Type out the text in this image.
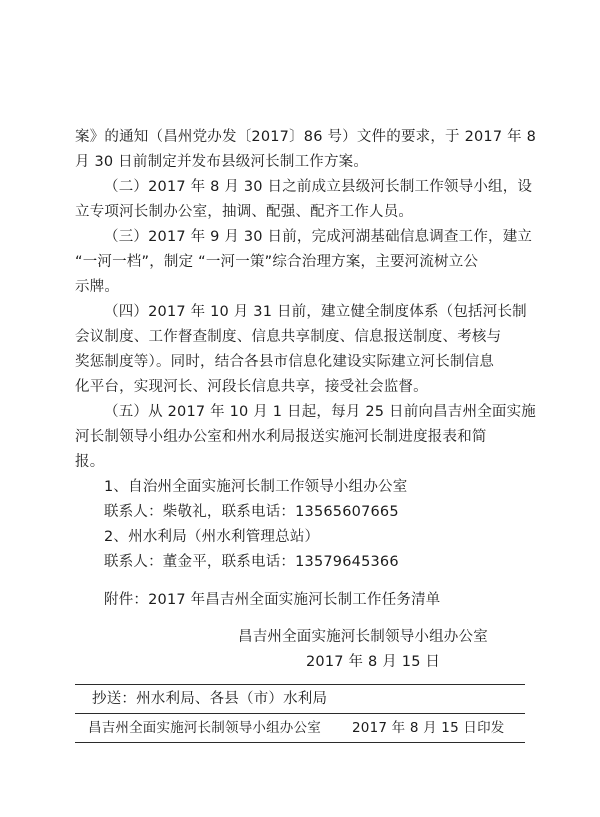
案》的通知（昌州党办发〔2017〕86 号）文件的要求，于 2017 年 8
月 30 日前制定并发布县级河长制工作方案。
（二）2017 年 8 月 30 日之前成立县级河长制工作领导小组，设
立专项河长制办公室，抽调、配强、配齐工作人员。
（三）2017 年 9 月 30 日前，完成河湖基础信息调查工作，建立
“一河一档”，制定 “一河一策”综合治理方案，主要河流树立公
示牌。
（四）2017 年 10 月 31 日前，建立健全制度体系（包括河长制
会议制度、工作督查制度、信息共享制度、信息报送制度、考核与
奖惩制度等）。同时，结合各县市信息化建设实际建立河长制信息
化平台，实现河长、河段长信息共享，接受社会监督。
（五）从 2017 年 10 月 1 日起，每月 25 日前向昌吉州全面实施
河长制领导小组办公室和州水利局报送实施河长制进度报表和简
报。
1、自治州全面实施河长制工作领导小组办公室
联系人：柴敬礼，联系电话：13565607665
2、州水利局（州水利管理总站）
联系人：董金平，联系电话：13579645366
附件：2017 年昌吉州全面实施河长制工作任务清单
昌吉州全面实施河长制领导小组办公室
2017 年 8 月 15 日
抄送：州水利局、各县（市）水利局
昌吉州全面实施河长制领导小组办公室 2017 年 8 月 15 日印发
